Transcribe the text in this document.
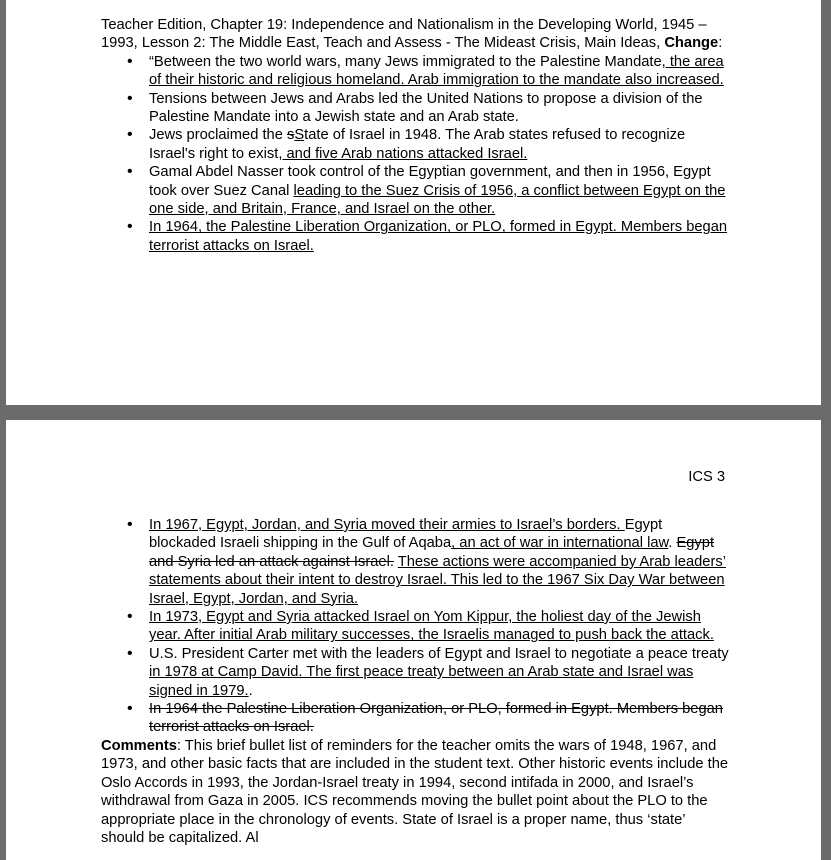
Teacher Edition, Chapter 19: Independence and Nationalism in the Developing World, 1945 – 1993, Lesson 2: The Middle East, Teach and Assess - The Mideast Crisis, Main Ideas, Change:

• “Between the two world wars, many Jews immigrated to the Palestine Mandate, the area of their historic and religious homeland. Arab immigration to the mandate also increased.
• Tensions between Jews and Arabs led the United Nations to propose a division of the Palestine Mandate into a Jewish state and an Arab state.
• Jews proclaimed the sState of Israel in 1948. The Arab states refused to recognize Israel's right to exist, and five Arab nations attacked Israel.
• Gamal Abdel Nasser took control of the Egyptian government, and then in 1956, Egypt took over Suez Canal leading to the Suez Crisis of 1956, a conflict between Egypt on the one side, and Britain, France, and Israel on the other.
• In 1964, the Palestine Liberation Organization, or PLO, formed in Egypt. Members began terrorist attacks on Israel.
ICS 3
• In 1967, Egypt, Jordan, and Syria moved their armies to Israel’s borders. Egypt blockaded Israeli shipping in the Gulf of Aqaba, an act of war in international law. Egypt and Syria led an attack against Israel. These actions were accompanied by Arab leaders’ statements about their intent to destroy Israel. This led to the 1967 Six Day War between Israel, Egypt, Jordan, and Syria.
• In 1973, Egypt and Syria attacked Israel on Yom Kippur, the holiest day of the Jewish year. After initial Arab military successes, the Israelis managed to push back the attack.
• U.S. President Carter met with the leaders of Egypt and Israel to negotiate a peace treaty in 1978 at Camp David. The first peace treaty between an Arab state and Israel was signed in 1979..
• In 1964 the Palestine Liberation Organization, or PLO, formed in Egypt. Members began terrorist attacks on Israel.

Comments: This brief bullet list of reminders for the teacher omits the wars of 1948, 1967, and 1973, and other basic facts that are included in the student text. Other historic events include the Oslo Accords in 1993, the Jordan-Israel treaty in 1994, second intifada in 2000, and Israel’s withdrawal from Gaza in 2005. ICS recommends moving the bullet point about the PLO to the appropriate place in the chronology of events. State of Israel is a proper name, thus ‘state’ should be capitalized. Al
